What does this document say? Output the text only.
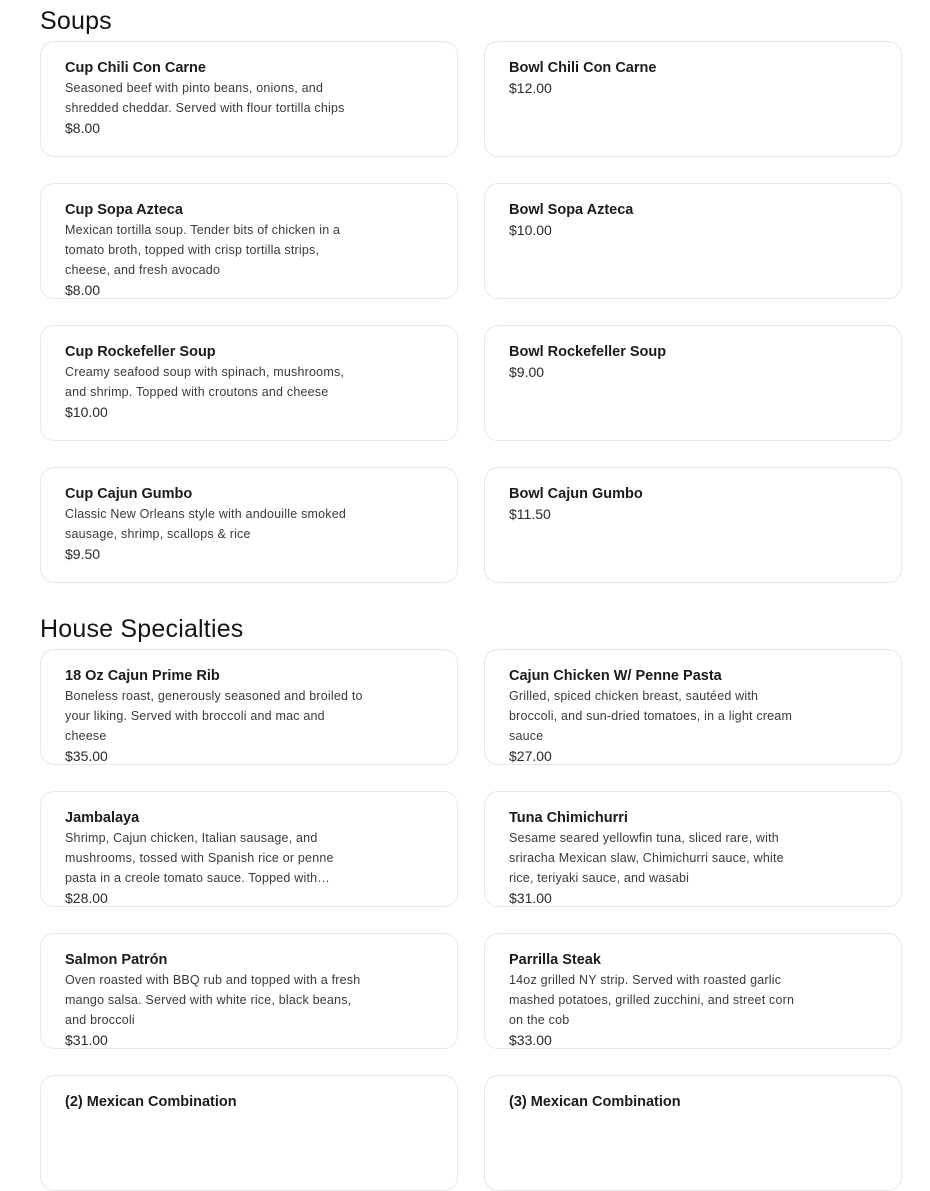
Soups
Cup Chili Con Carne
Seasoned beef with pinto beans, onions, and shredded cheddar. Served with flour tortilla chips
$8.00
Bowl Chili Con Carne
$12.00
Cup Sopa Azteca
Mexican tortilla soup. Tender bits of chicken in a tomato broth, topped with crisp tortilla strips, cheese, and fresh avocado
$8.00
Bowl Sopa Azteca
$10.00
Cup Rockefeller Soup
Creamy seafood soup with spinach, mushrooms, and shrimp. Topped with croutons and cheese
$10.00
Bowl Rockefeller Soup
$9.00
Cup Cajun Gumbo
Classic New Orleans style with andouille smoked sausage, shrimp, scallops & rice
$9.50
Bowl Cajun Gumbo
$11.50
House Specialties
18 Oz Cajun Prime Rib
Boneless roast, generously seasoned and broiled to your liking. Served with broccoli and mac and cheese
$35.00
Cajun Chicken W/ Penne Pasta
Grilled, spiced chicken breast, sautéed with broccoli, and sun-dried tomatoes, in a light cream sauce
$27.00
Jambalaya
Shrimp, Cajun chicken, Italian sausage, and mushrooms, tossed with Spanish rice or penne pasta in a creole tomato sauce. Topped with
$28.00
Tuna Chimichurri
Sesame seared yellowfin tuna, sliced rare, with sriracha Mexican slaw, Chimichurri sauce, white rice, teriyaki sauce, and wasabi
$31.00
Salmon Patrón
Oven roasted with BBQ rub and topped with a fresh mango salsa. Served with white rice, black beans, and broccoli
$31.00
Parrilla Steak
14oz grilled NY strip. Served with roasted garlic mashed potatoes, grilled zucchini, and street corn on the cob
$33.00
(2) Mexican Combination	(3) Mexican Combination
